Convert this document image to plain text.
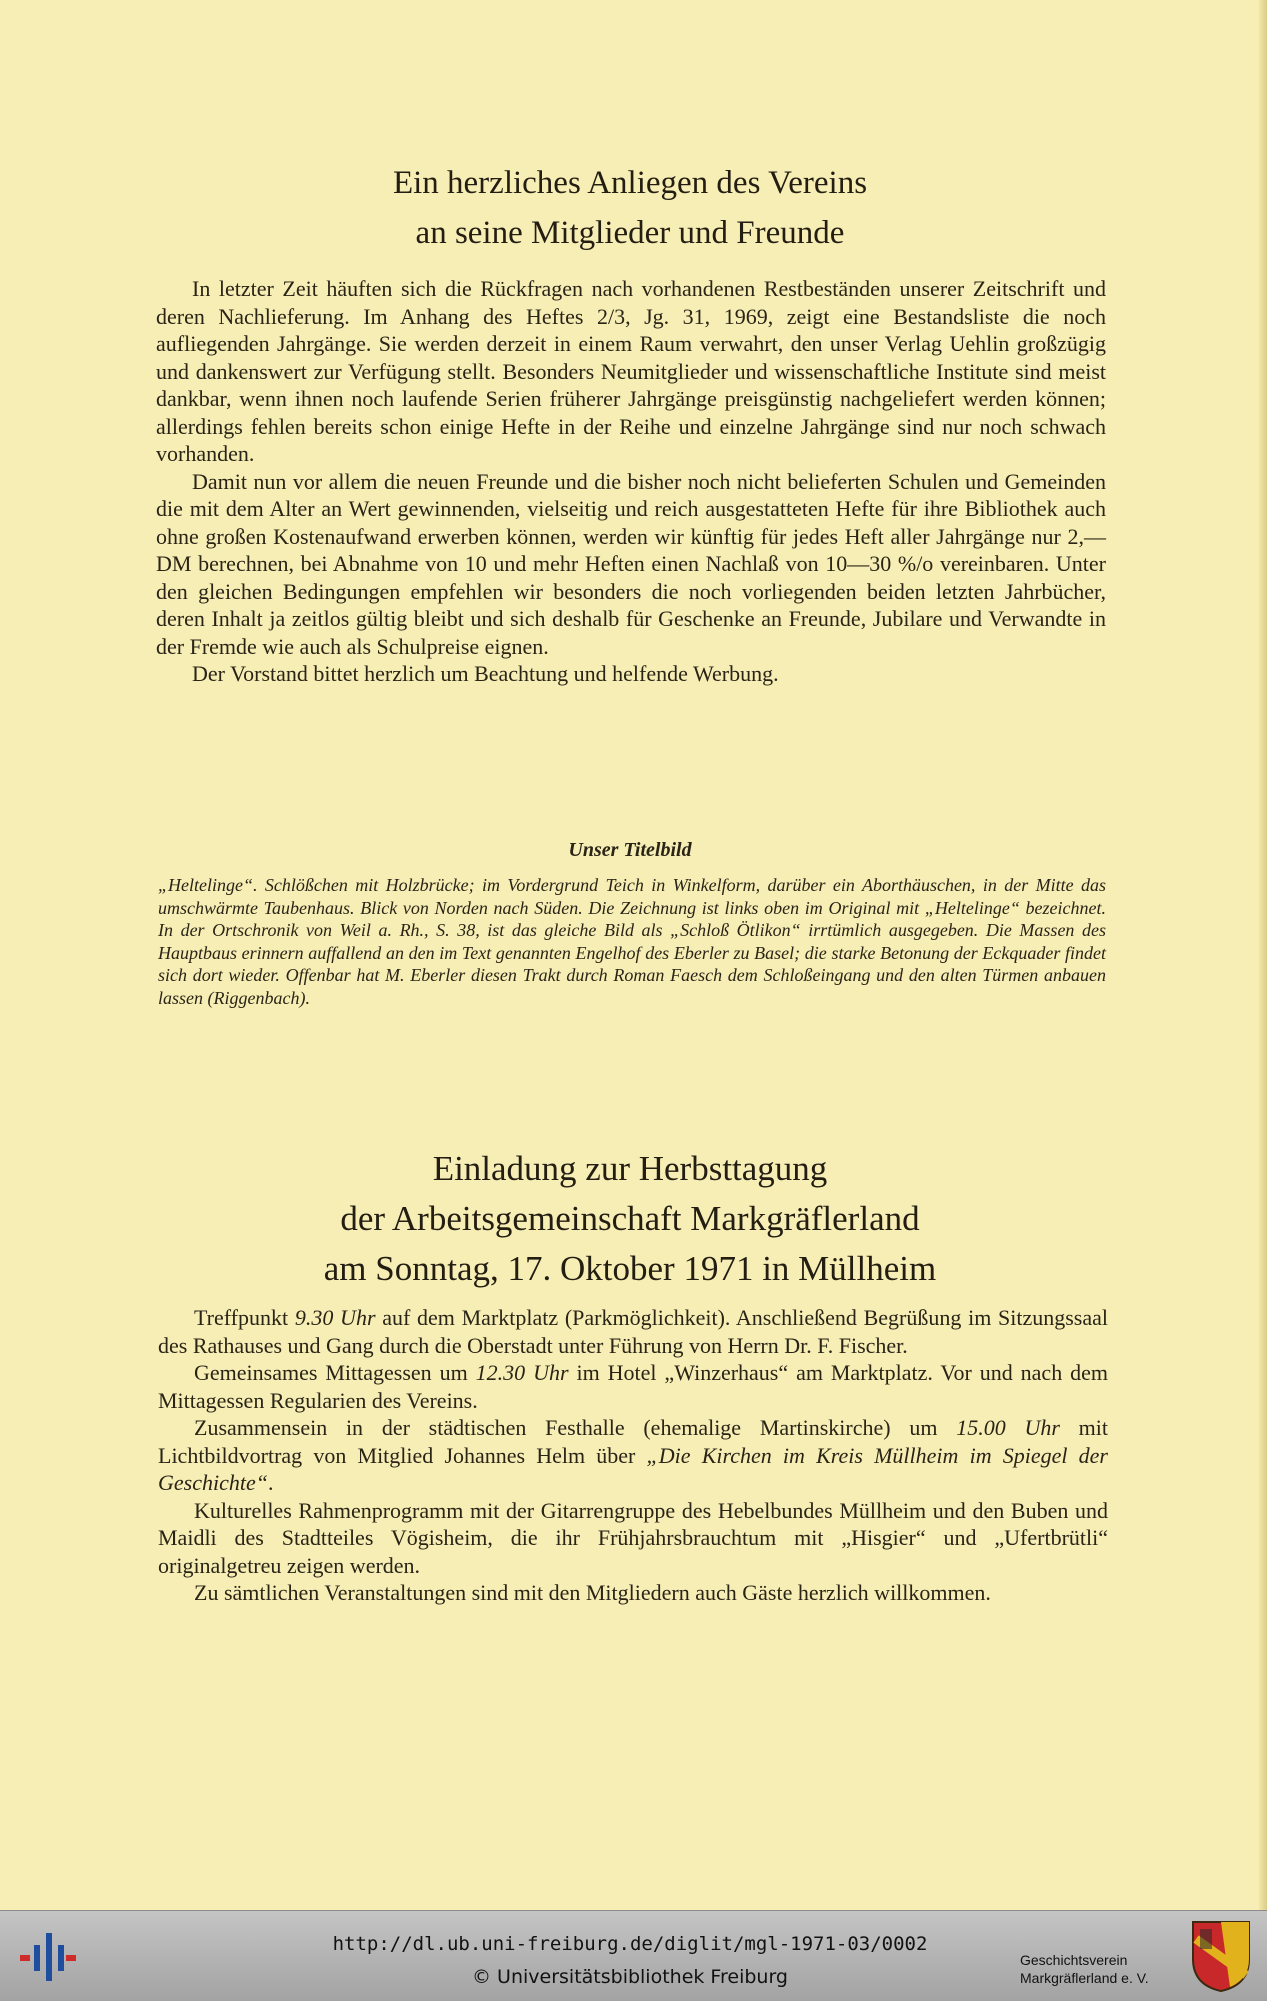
Ein herzliches Anliegen des Vereins
an seine Mitglieder und Freunde

In letzter Zeit häuften sich die Rückfragen nach vorhandenen Restbeständen unserer Zeitschrift und deren Nachlieferung. Im Anhang des Heftes 2/3, Jg. 31, 1969, zeigt eine Bestandsliste die noch aufliegenden Jahrgänge. Sie werden derzeit in einem Raum verwahrt, den unser Verlag Uehlin großzügig und dankenswert zur Verfügung stellt. Besonders Neumitglieder und wissenschaftliche Institute sind meist dankbar, wenn ihnen noch laufende Serien früherer Jahrgänge preisgünstig nachgeliefert werden können; allerdings fehlen bereits schon einige Hefte in der Reihe und einzelne Jahrgänge sind nur noch schwach vorhanden.

Damit nun vor allem die neuen Freunde und die bisher noch nicht belieferten Schulen und Gemeinden die mit dem Alter an Wert gewinnenden, vielseitig und reich ausgestatteten Hefte für ihre Bibliothek auch ohne großen Kostenaufwand erwerben können, werden wir künftig für jedes Heft aller Jahrgänge nur 2,— DM berechnen, bei Abnahme von 10 und mehr Heften einen Nachlaß von 10—30 %/o vereinbaren. Unter den gleichen Bedingungen empfehlen wir besonders die noch vorliegenden beiden letzten Jahrbücher, deren Inhalt ja zeitlos gültig bleibt und sich deshalb für Geschenke an Freunde, Jubilare und Verwandte in der Fremde wie auch als Schulpreise eignen.

Der Vorstand bittet herzlich um Beachtung und helfende Werbung.

Unser Titelbild

„Heltelinge“. Schlößchen mit Holzbrücke; im Vordergrund Teich in Winkelform, darüber ein Aborthäuschen, in der Mitte das umschwärmte Taubenhaus. Blick von Norden nach Süden. Die Zeichnung ist links oben im Original mit „Heltelinge“ bezeichnet. In der Ortschronik von Weil a. Rh., S. 38, ist das gleiche Bild als „Schloß Ötlikon“ irrtümlich ausgegeben. Die Massen des Hauptbaus erinnern auffallend an den im Text genannten Engelhof des Eberler zu Basel; die starke Betonung der Eckquader findet sich dort wieder. Offenbar hat M. Eberler diesen Trakt durch Roman Faesch dem Schloßeingang und den alten Türmen anbauen lassen (Riggenbach).

Einladung zur Herbsttagung
der Arbeitsgemeinschaft Markgräflerland
am Sonntag, 17. Oktober 1971 in Müllheim

Treffpunkt 9.30 Uhr auf dem Marktplatz (Parkmöglichkeit). Anschließend Begrüßung im Sitzungssaal des Rathauses und Gang durch die Oberstadt unter Führung von Herrn Dr. F. Fischer.

Gemeinsames Mittagessen um 12.30 Uhr im Hotel „Winzerhaus“ am Marktplatz. Vor und nach dem Mittagessen Regularien des Vereins.

Zusammensein in der städtischen Festhalle (ehemalige Martinskirche) um 15.00 Uhr mit Lichtbildvortrag von Mitglied Johannes Helm über „Die Kirchen im Kreis Müllheim im Spiegel der Geschichte“.

Kulturelles Rahmenprogramm mit der Gitarrengruppe des Hebelbundes Müllheim und den Buben und Maidli des Stadtteiles Vögisheim, die ihr Frühjahrsbrauchtum mit „Hisgier“ und „Ufertbrütli“ originalgetreu zeigen werden.

Zu sämtlichen Veranstaltungen sind mit den Mitgliedern auch Gäste herzlich willkommen.

http://dl.ub.uni-freiburg.de/diglit/mgl-1971-03/0002
© Universitätsbibliothek Freiburg
Geschichtsverein
Markgräflerland e. V.
